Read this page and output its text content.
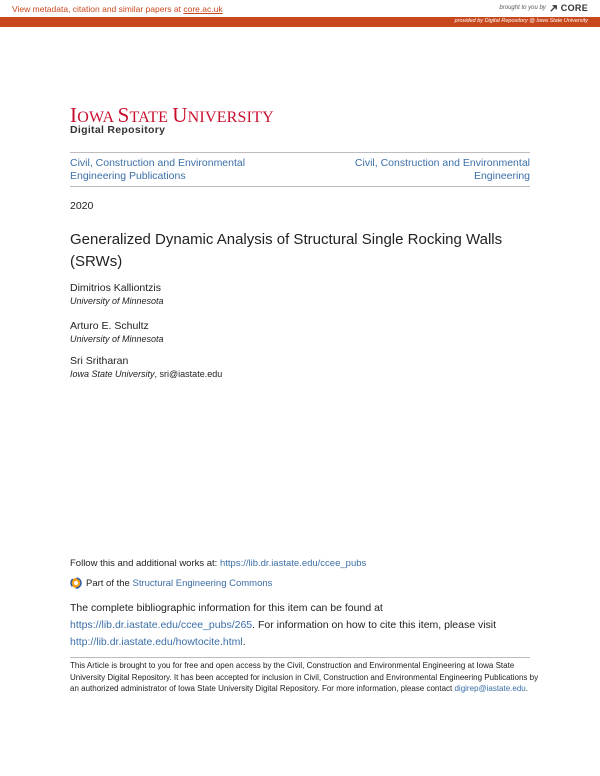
View metadata, citation and similar papers at core.ac.uk	brought to you by CORE
provided by Digital Repository @ Iowa State University
IOWA STATE UNIVERSITY
Digital Repository
Civil, Construction and Environmental Engineering Publications
Civil, Construction and Environmental Engineering
2020
Generalized Dynamic Analysis of Structural Single Rocking Walls (SRWs)
Dimitrios Kalliontzis
University of Minnesota
Arturo E. Schultz
University of Minnesota
Sri Sritharan
Iowa State University, sri@iastate.edu
Follow this and additional works at: https://lib.dr.iastate.edu/ccee_pubs
Part of the Structural Engineering Commons
The complete bibliographic information for this item can be found at https://lib.dr.iastate.edu/ccee_pubs/265. For information on how to cite this item, please visit http://lib.dr.iastate.edu/howtocite.html.
This Article is brought to you for free and open access by the Civil, Construction and Environmental Engineering at Iowa State University Digital Repository. It has been accepted for inclusion in Civil, Construction and Environmental Engineering Publications by an authorized administrator of Iowa State University Digital Repository. For more information, please contact digirep@iastate.edu.
